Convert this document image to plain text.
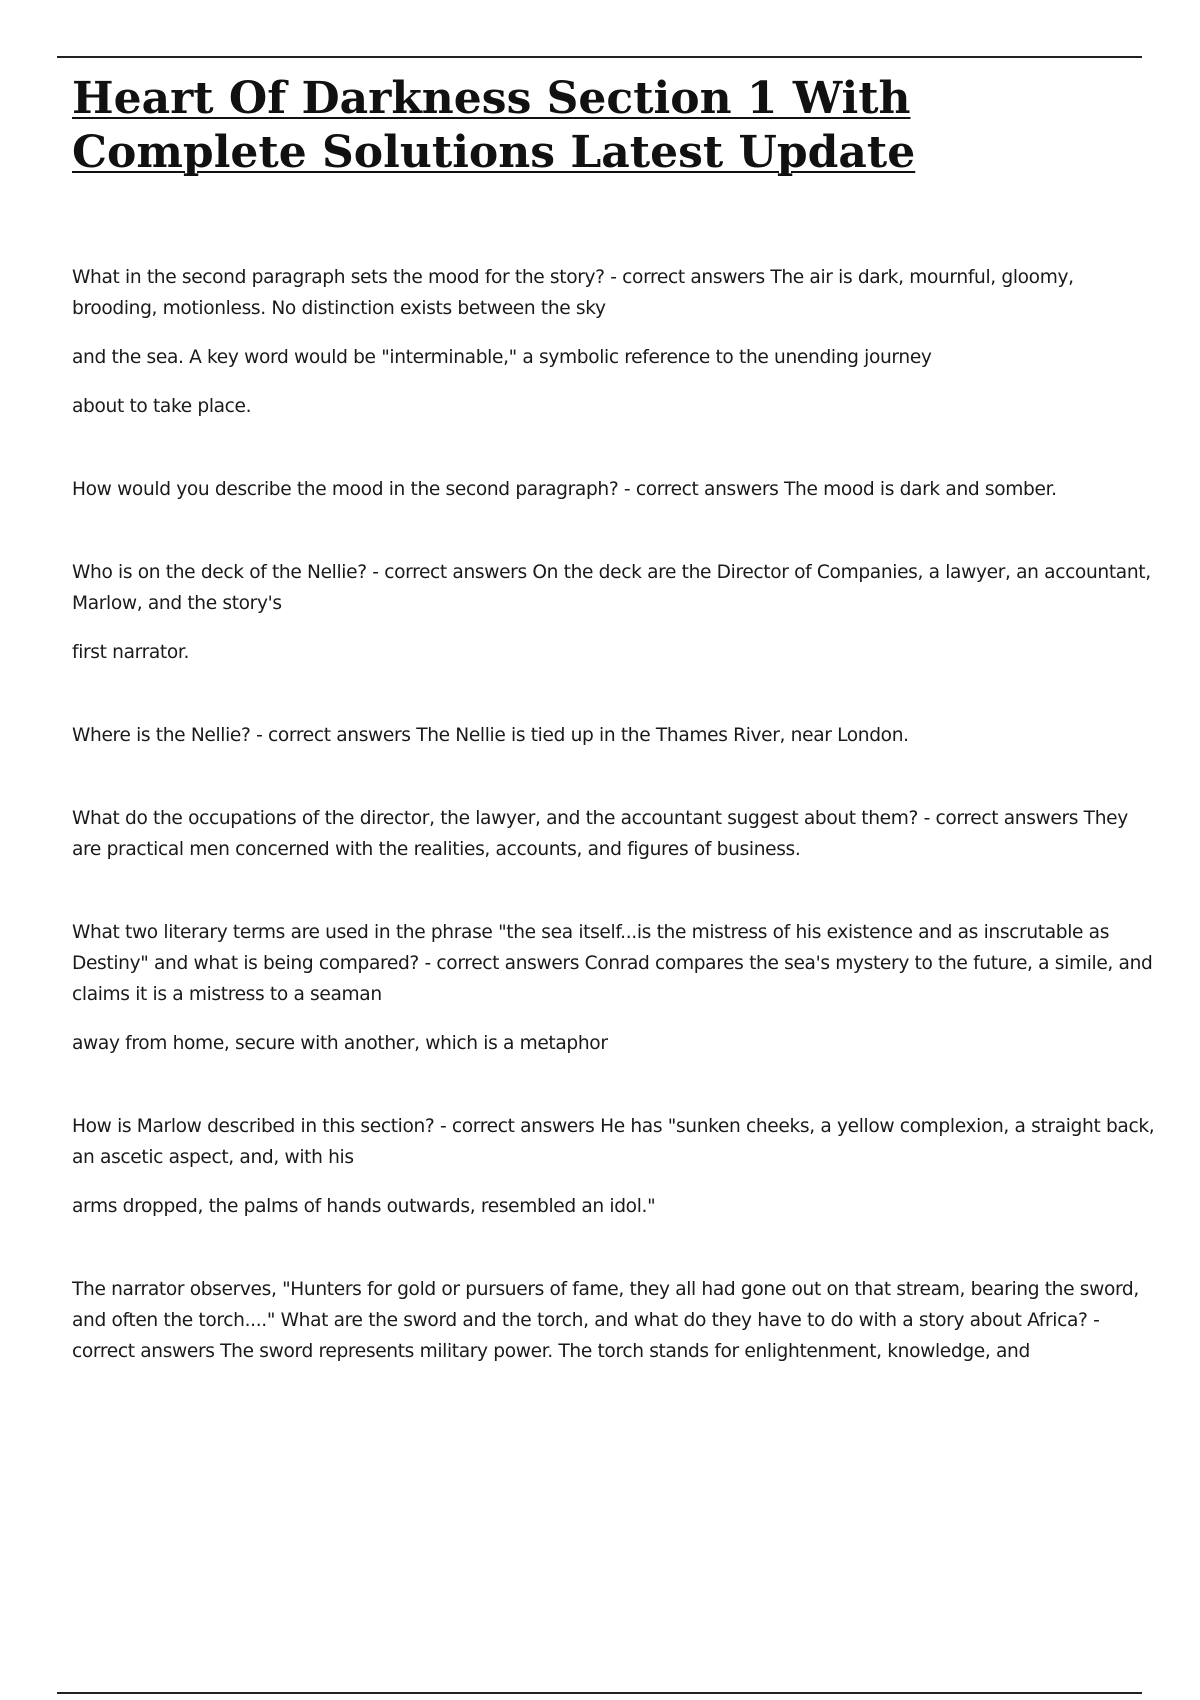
Heart Of Darkness Section 1 With Complete Solutions Latest Update

What in the second paragraph sets the mood for the story? - correct answers The air is dark, mournful, gloomy, brooding, motionless. No distinction exists between the sky

and the sea. A key word would be "interminable," a symbolic reference to the unending journey

about to take place.

How would you describe the mood in the second paragraph? - correct answers The mood is dark and somber.

Who is on the deck of the Nellie? - correct answers On the deck are the Director of Companies, a lawyer, an accountant, Marlow, and the story's

first narrator.

Where is the Nellie? - correct answers The Nellie is tied up in the Thames River, near London.

What do the occupations of the director, the lawyer, and the accountant suggest about them? - correct answers They are practical men concerned with the realities, accounts, and figures of business.

What two literary terms are used in the phrase "the sea itself...is the mistress of his existence and as inscrutable as Destiny" and what is being compared? - correct answers Conrad compares the sea's mystery to the future, a simile, and claims it is a mistress to a seaman

away from home, secure with another, which is a metaphor

How is Marlow described in this section? - correct answers He has "sunken cheeks, a yellow complexion, a straight back, an ascetic aspect, and, with his

arms dropped, the palms of hands outwards, resembled an idol."

The narrator observes, "Hunters for gold or pursuers of fame, they all had gone out on that stream, bearing the sword, and often the torch...." What are the sword and the torch, and what do they have to do with a story about Africa? - correct answers The sword represents military power. The torch stands for enlightenment, knowledge, and
